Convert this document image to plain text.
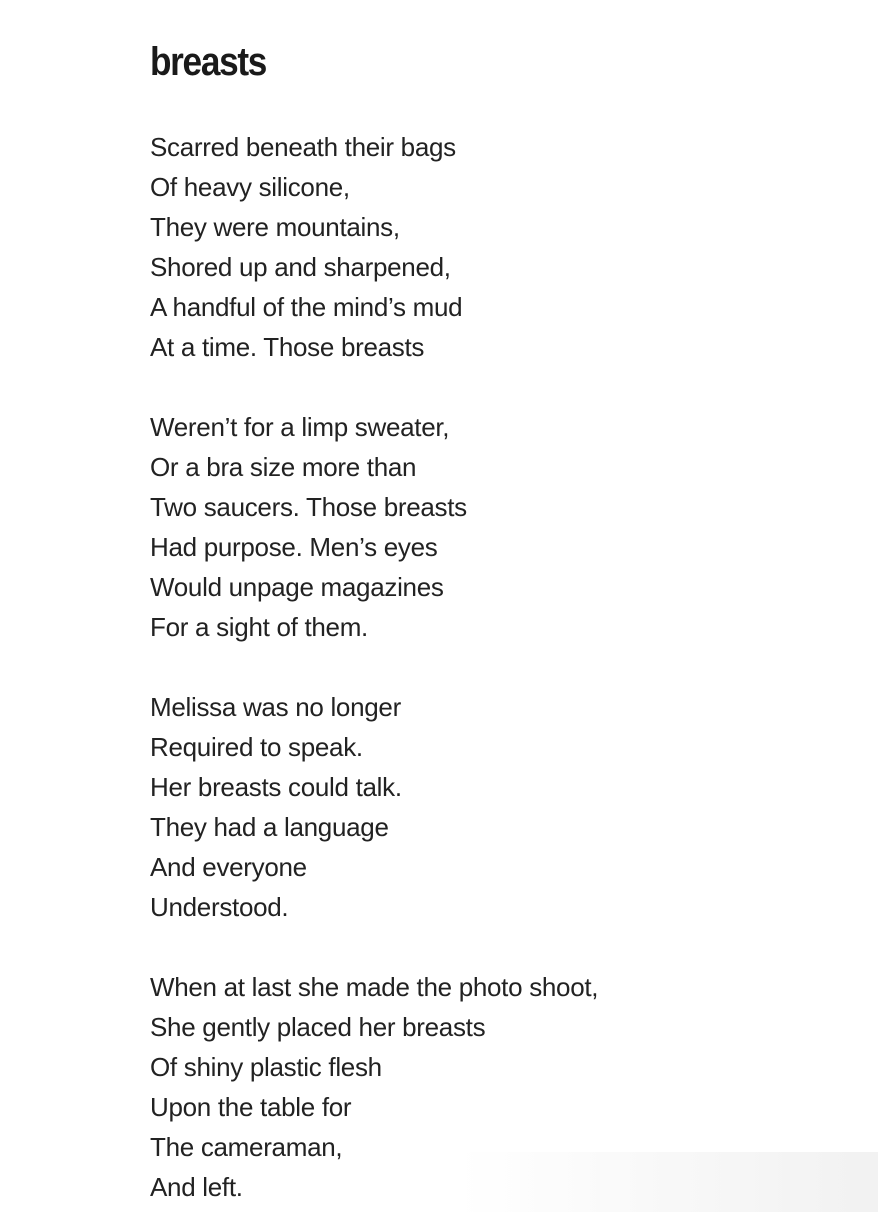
breasts
Scarred beneath their bags
Of heavy silicone,
They were mountains,
Shored up and sharpened,
A handful of the mind’s mud
At a time. Those breasts
Weren’t for a limp sweater,
Or a bra size more than
Two saucers. Those breasts
Had purpose. Men’s eyes
Would unpage magazines
For a sight of them.
Melissa was no longer
Required to speak.
Her breasts could talk.
They had a language
And everyone
Understood.
When at last she made the photo shoot,
She gently placed her breasts
Of shiny plastic flesh
Upon the table for
The cameraman,
And left.
